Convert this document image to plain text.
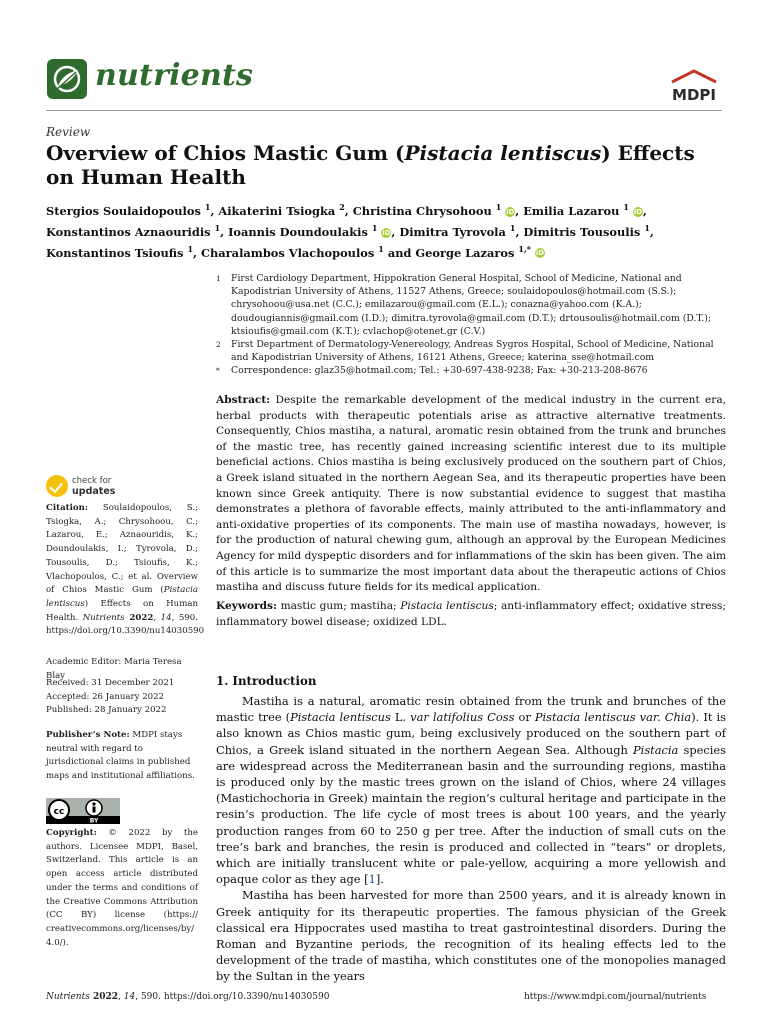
nutrients
MDPI
Review
Overview of Chios Mastic Gum (Pistacia lentiscus) Effects on Human Health
Stergios Soulaidopoulos $^1$, Aikaterini Tsiogka $^2$, Christina Chrysohoou $^1$ iD, Emilia Lazarou $^1$ iD, Konstantinos Aznaouridis $^1$, Ioannis Doundoulakis $^1$ iD, Dimitra Tyrovola $^1$, Dimitris Tousoulis $^1$, Konstantinos Tsioufis $^1$, Charalambos Vlachopoulos $^1$ and George Lazaros $^{1,*}$ iD
1	First Cardiology Department, Hippokration General Hospital, School of Medicine, National and Kapodistrian University of Athens, 11527 Athens, Greece; soulaidopoulos@hotmail.com (S.S.); chrysohoou@usa.net (C.C.); emilazarou@gmail.com (E.L.); conazna@yahoo.com (K.A.); doudougiannis@gmail.com (I.D.); dimitra.tyrovola@gmail.com (D.T.); drtousoulis@hotmail.com (D.T.); ktsioufis@gmail.com (K.T.); cvlachop@otenet.gr (C.V.)
2	First Department of Dermatology-Venereology, Andreas Sygros Hospital, School of Medicine, National and Kapodistrian University of Athens, 16121 Athens, Greece; katerina_sse@hotmail.com
*	Correspondence: glaz35@hotmail.com; Tel.: +30-697-438-9238; Fax: +30-213-208-8676
Abstract: Despite the remarkable development of the medical industry in the current era, herbal products with therapeutic potentials arise as attractive alternative treatments. Consequently, Chios mastiha, a natural, aromatic resin obtained from the trunk and brunches of the mastic tree, has recently gained increasing scientific interest due to its multiple beneficial actions. Chios mastiha is being exclusively produced on the southern part of Chios, a Greek island situated in the northern Aegean Sea, and its therapeutic properties have been known since Greek antiquity. There is now substantial evidence to suggest that mastiha demonstrates a plethora of favorable effects, mainly attributed to the anti-inflammatory and anti-oxidative properties of its components. The main use of mastiha nowadays, however, is for the production of natural chewing gum, although an approval by the European Medicines Agency for mild dyspeptic disorders and for inflammations of the skin has been given. The aim of this article is to summarize the most important data about the therapeutic actions of Chios mastiha and discuss future fields for its medical application.
Keywords: mastic gum; mastiha; Pistacia lentiscus; anti-inflammatory effect; oxidative stress; inflammatory bowel disease; oxidized LDL.
1. Introduction

Mastiha is a natural, aromatic resin obtained from the trunk and brunches of the mastic tree (Pistacia lentiscus L. var latifolius Coss or Pistacia lentiscus var. Chia). It is also known as Chios mastic gum, being exclusively produced on the southern part of Chios, a Greek island situated in the northern Aegean Sea. Although Pistacia species are widespread across the Mediterranean basin and the surrounding regions, mastiha is produced only by the mastic trees grown on the island of Chios, where 24 villages (Mastichochoria in Greek) maintain the region’s cultural heritage and participate in the resin’s production. The life cycle of most trees is about 100 years, and the yearly production ranges from 60 to 250 g per tree. After the induction of small cuts on the tree’s bark and branches, the resin is produced and collected in “tears” or droplets, which are initially translucent white or pale-yellow, acquiring a more yellowish and opaque color as they age [1].

Mastiha has been harvested for more than 2500 years, and it is already known in Greek antiquity for its therapeutic properties. The famous physician of the Greek classical era Hippocrates used mastiha to treat gastrointestinal disorders. During the Roman and Byzantine periods, the recognition of its healing effects led to the development of the trade of mastiha, which constitutes one of the monopolies managed by the Sultan in the years

check for
updates
Citation: Soulaidopoulos, S.; Tsiogka, A.; Chrysohoou, C.; Lazarou, E.; Aznaouridis, K.; Doundoulakis, I.; Tyrovola, D.; Tousoulis, D.; Tsioufis, K.; Vlachopoulos, C.; et al. Overview of Chios Mastic Gum (Pistacia lentiscus) Effects on Human Health. Nutrients 2022, 14, 590. https://doi.org/10.3390/nu14030590
Academic Editor: Maria Teresa Blay
Received: 31 December 2021
Accepted: 26 January 2022
Published: 28 January 2022
Publisher’s Note: MDPI stays neutral with regard to jurisdictional claims in published maps and institutional affiliations.
cc
BY
Copyright: © 2022 by the authors. Licensee MDPI, Basel, Switzerland. This article is an open access article distributed under the terms and conditions of the Creative Commons Attribution (CC BY) license (https:// creativecommons.org/licenses/by/ 4.0/).
Nutrients 2022, 14, 590. https://doi.org/10.3390/nu14030590	https://www.mdpi.com/journal/nutrients
